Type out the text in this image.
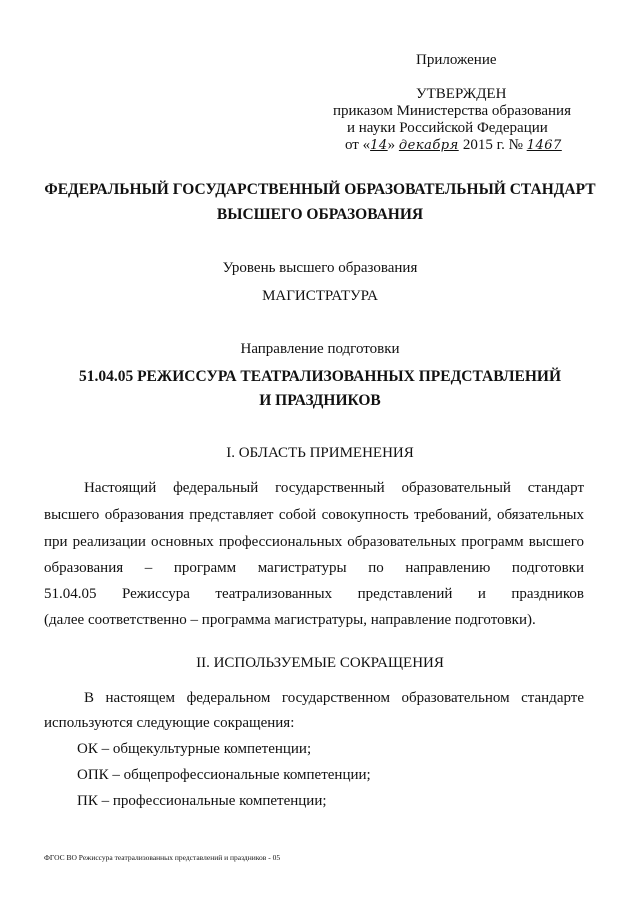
Приложение
УТВЕРЖДЕН
приказом Министерства образования
и науки Российской Федерации
от «14» декабря 2015 г. № 1467
ФЕДЕРАЛЬНЫЙ ГОСУДАРСТВЕННЫЙ ОБРАЗОВАТЕЛЬНЫЙ СТАНДАРТ
ВЫСШЕГО ОБРАЗОВАНИЯ
Уровень высшего образования
МАГИСТРАТУРА
Направление подготовки
51.04.05 РЕЖИССУРА ТЕАТРАЛИЗОВАННЫХ ПРЕДСТАВЛЕНИЙ
И ПРАЗДНИКОВ
I. ОБЛАСТЬ ПРИМЕНЕНИЯ
Настоящий федеральный государственный образовательный стандарт
высшего образования представляет собой совокупность требований, обязательных
при реализации основных профессиональных образовательных программ высшего
образования – программ магистратуры по направлению подготовки
51.04.05 Режиссура театрализованных представлений и праздников
(далее соответственно – программа магистратуры, направление подготовки).
II. ИСПОЛЬЗУЕМЫЕ СОКРАЩЕНИЯ
В настоящем федеральном государственном образовательном стандарте
используются следующие сокращения:
ОК – общекультурные компетенции;
ОПК – общепрофессиональные компетенции;
ПК – профессиональные компетенции;
ФГОС ВО Режиссура театрализованных представлений и праздников - 05
